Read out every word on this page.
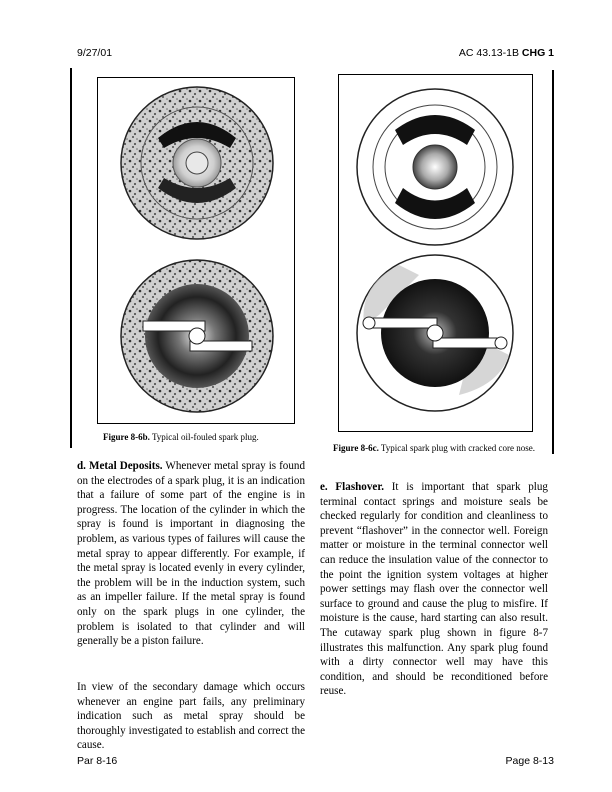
9/27/01	AC 43.13-1B CHG 1
Figure 8-6b. Typical oil-fouled spark plug.
Figure 8-6c. Typical spark plug with cracked core nose.

d. Metal Deposits. Whenever metal spray is found on the electrodes of a spark plug, it is an indication that a failure of some part of the engine is in progress. The location of the cylinder in which the spray is found is important in diagnosing the problem, as various types of failures will cause the metal spray to appear differently. For example, if the metal spray is located evenly in every cylinder, the problem will be in the induction system, such as an impeller failure. If the metal spray is found only on the spark plugs in one cylinder, the problem is isolated to that cylinder and will generally be a piston failure.

In view of the secondary damage which occurs whenever an engine part fails, any preliminary indication such as metal spray should be thoroughly investigated to establish and correct the cause.

e. Flashover. It is important that spark plug terminal contact springs and moisture seals be checked regularly for condition and cleanliness to prevent “flashover” in the connector well. Foreign matter or moisture in the terminal connector well can reduce the insulation value of the connector to the point the ignition system voltages at higher power settings may flash over the connector well surface to ground and cause the plug to misfire. If moisture is the cause, hard starting can also result. The cutaway spark plug shown in figure 8-7 illustrates this malfunction. Any spark plug found with a dirty connector well may have this condition, and should be reconditioned before reuse.

Par 8-16	Page 8-13
